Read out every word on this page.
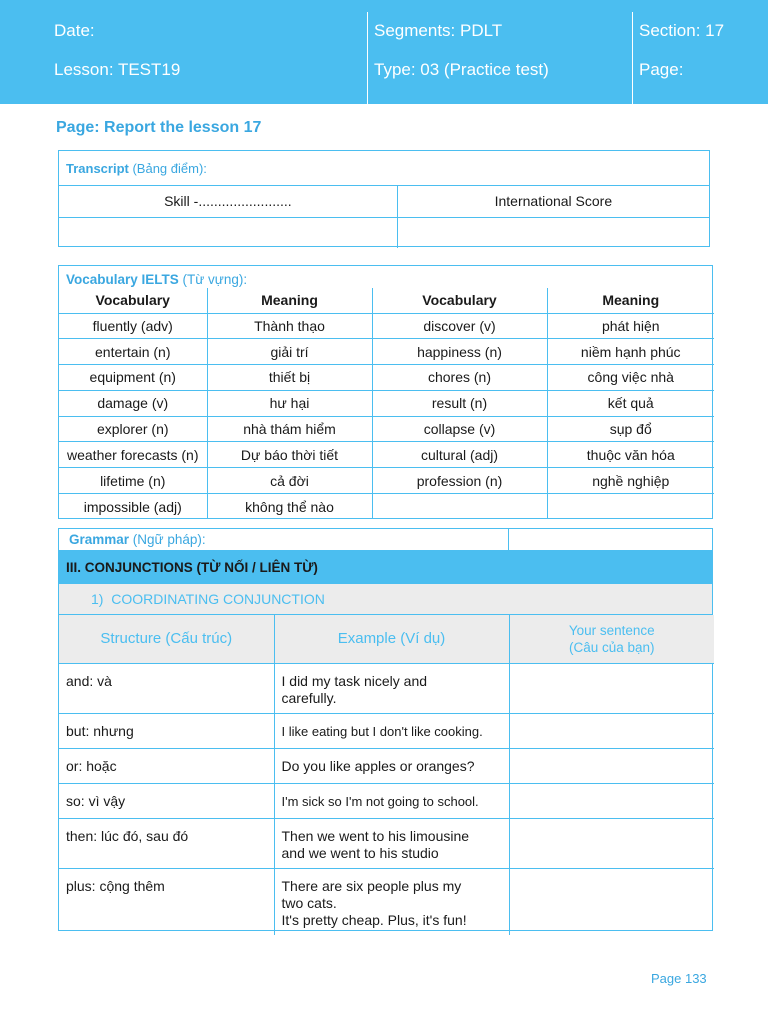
Date:
Lesson: TEST19
Segments: PDLT
Type: 03 (Practice test)
Section: 17
Page:
Page: Report the lesson 17
Transcript (Bảng điểm):
Skill -........................	International Score

Vocabulary IELTS (Từ vựng):
Vocabulary	Meaning	Vocabulary	Meaning
fluently (adv)	Thành thạo	discover (v)	phát hiện
entertain (n)	giải trí	happiness (n)	niềm hạnh phúc
equipment (n)	thiết bị	chores (n)	công việc nhà
damage (v)	hư hại	result (n)	kết quả
explorer (n)	nhà thám hiểm	collapse (v)	sụp đổ
weather forecasts (n)	Dự báo thời tiết	cultural (adj)	thuộc văn hóa
lifetime (n)	cả đời	profession (n)	nghề nghiệp
impossible (adj)	không thể nào		
Grammar (Ngữ pháp):
III. CONJUNCTIONS (TỪ NỐI / LIÊN TỪ)
1)  COORDINATING CONJUNCTION
Structure (Cấu trúc)	Example (Ví dụ)	Your sentence
(Câu của bạn)

and: và	I did my task nicely and
carefully.	

but: nhưng	I like eating but I don't like cooking.	

or: hoặc	Do you like apples or oranges?	

so: vì vậy	I'm sick so I'm not going to school.	

then: lúc đó, sau đó	Then we went to his limousine
and we went to his studio	

plus: cộng thêm	There are six people plus my
two cats.
It's pretty cheap. Plus, it's fun!	

Page 133
